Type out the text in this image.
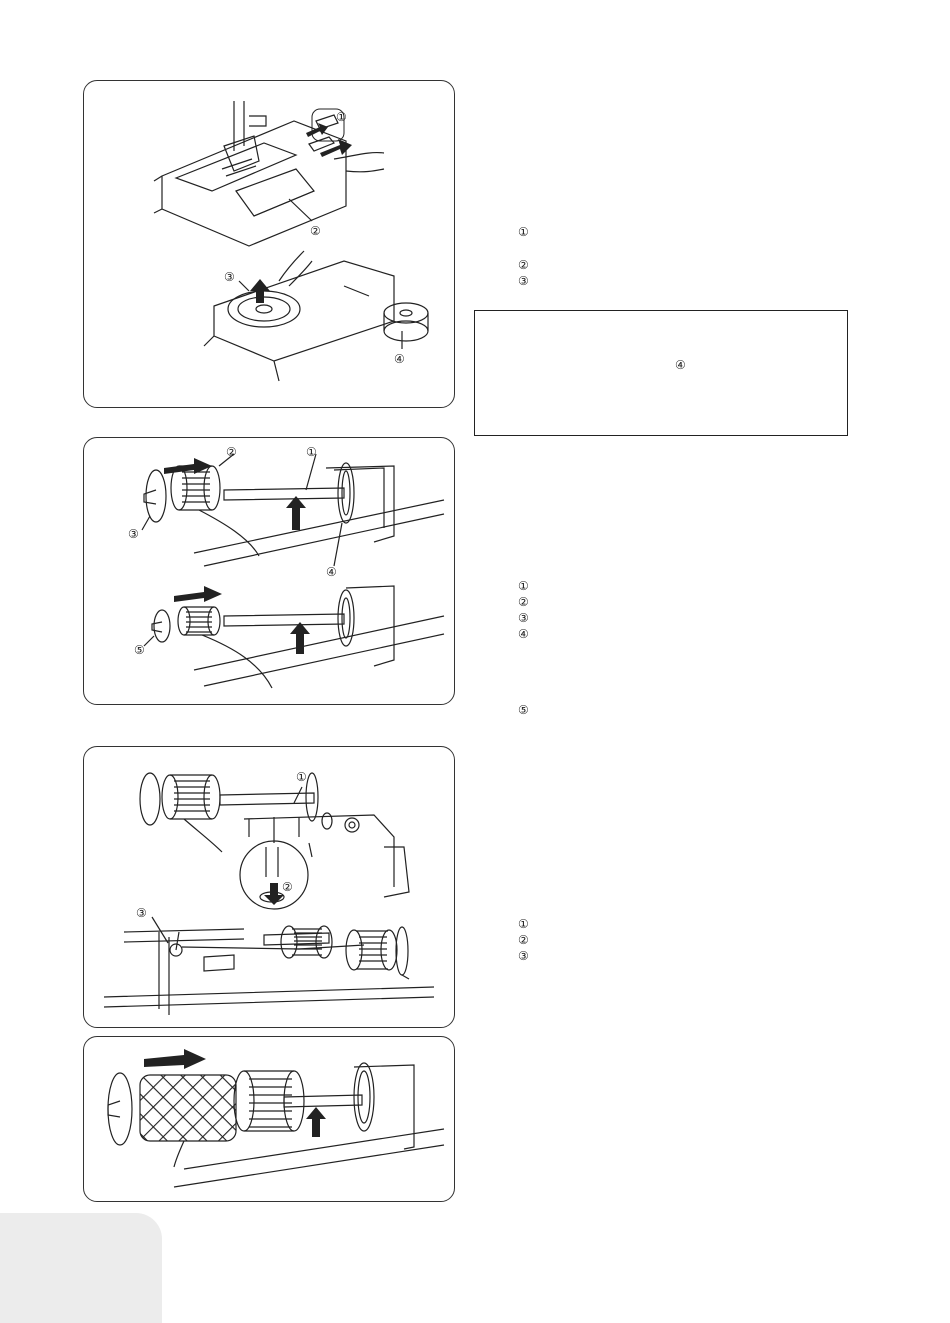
①
②
③
④
①
②
③
④
⑤
①
②
③
①
②
③
④
①
②
③
④
⑤
①
②
③
